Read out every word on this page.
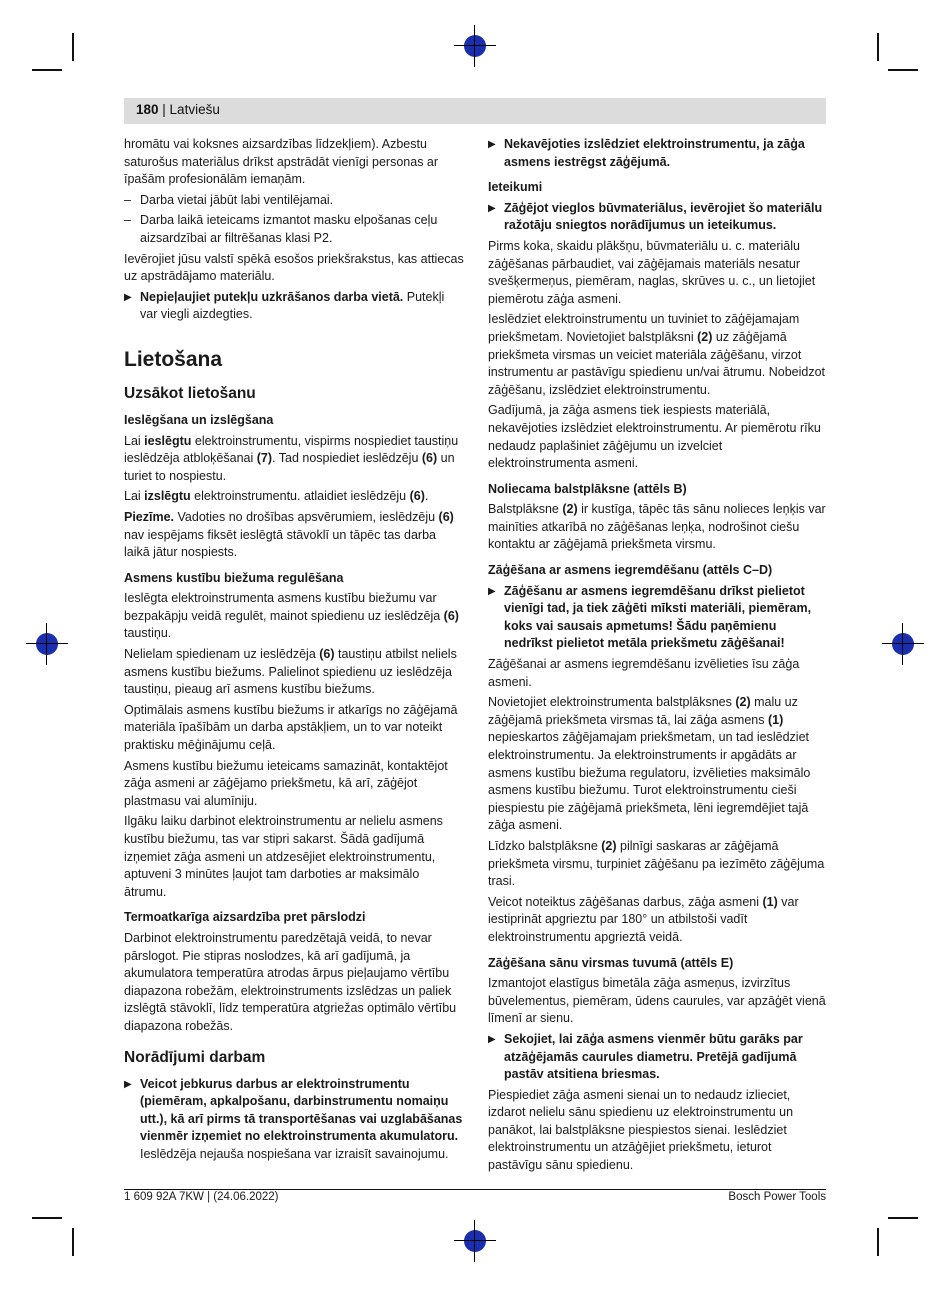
180 | Latviešu

hromātu vai koksnes aizsardzības līdzekļiem). Azbestu saturošus materiālus drīkst apstrādāt vienīgi personas ar īpašām profesionālām iemaņām.

– Darba vietai jābūt labi ventilējamai.
– Darba laikā ieteicams izmantot masku elpošanas ceļu aizsardzībai ar filtrēšanas klasi P2.

Ievērojiet jūsu valstī spēkā esošos priekšrakstus, kas attiecas uz apstrādājamo materiālu.

▶ Nepieļaujiet putekļu uzkrāšanos darba vietā. Putekļi var viegli aizdegties.
Lietošana
Uzsākot lietošanu
Ieslēgšana un izslēgšana

Lai ieslēgtu elektroinstrumentu, vispirms nospiediet taustiņu ieslēdzēja atbloķēšanai (7). Tad nospiediet ieslēdzēju (6) un turiet to nospiestu.

Lai izslēgtu elektroinstrumentu. atlaidiet ieslēdzēju (6).

Piezīme. Vadoties no drošības apsvērumiem, ieslēdzēju (6) nav iespējams fiksēt ieslēgtā stāvoklī un tāpēc tas darba laikā jātur nospiests.

Asmens kustību biežuma regulēšana

Ieslēgta elektroinstrumenta asmens kustību biežumu var bezpakāpju veidā regulēt, mainot spiedienu uz ieslēdzēja (6) taustiņu.

Nelielam spiedienam uz ieslēdzēja (6) taustiņu atbilst neliels asmens kustību biežums. Palielinot spiedienu uz ieslēdzēja taustiņu, pieaug arī asmens kustību biežums.

Optimālais asmens kustību biežums ir atkarīgs no zāģējamā materiāla īpašībām un darba apstākļiem, un to var noteikt praktisku mēģinājumu ceļā.

Asmens kustību biežumu ieteicams samazināt, kontaktējot zāģa asmeni ar zāģējamo priekšmetu, kā arī, zāģējot plastmasu vai alumīniju.

Ilgāku laiku darbinot elektroinstrumentu ar nelielu asmens kustību biežumu, tas var stipri sakarst. Šādā gadījumā izņemiet zāģa asmeni un atdzesējiet elektroinstrumentu, aptuveni 3 minūtes ļaujot tam darboties ar maksimālo ātrumu.

Termoatkarīga aizsardzība pret pārslodzi

Darbinot elektroinstrumentu paredzētajā veidā, to nevar pārslogot. Pie stipras noslodzes, kā arī gadījumā, ja akumulatora temperatūra atrodas ārpus pieļaujamo vērtību diapazona robežām, elektroinstruments izslēdzas un paliek izslēgtā stāvoklī, līdz temperatūra atgriežas optimālo vērtību diapazona robežās.

Norādījumi darbam
▶ Veicot jebkurus darbus ar elektroinstrumentu (piemēram, apkalpošanu, darbinstrumentu nomaiņu utt.), kā arī pirms tā transportēšanas vai uzglabāšanas vienmēr izņemiet no elektroinstrumenta akumulatoru. Ieslēdzēja nejauša nospiešana var izraisīt savainojumu.
▶ Nekavējoties izslēdziet elektroinstrumentu, ja zāģa asmens iestrēgst zāģējumā.
Ieteikumi
▶ Zāģējot vieglos būvmateriālus, ievērojiet šo materiālu ražotāju sniegtos norādījumus un ieteikumus.

Pirms koka, skaidu plākšņu, būvmateriālu u. c. materiālu zāģēšanas pārbaudiet, vai zāģējamais materiāls nesatur svešķermeņus, piemēram, naglas, skrūves u. c., un lietojiet piemērotu zāģa asmeni.

Ieslēdziet elektroinstrumentu un tuviniet to zāģējamajam priekšmetam. Novietojiet balstplāksni (2) uz zāģējamā priekšmeta virsmas un veiciet materiāla zāģēšanu, virzot instrumentu ar pastāvīgu spiedienu un/vai ātrumu. Nobeidzot zāģēšanu, izslēdziet elektroinstrumentu.

Gadījumā, ja zāģa asmens tiek iespiests materiālā, nekavējoties izslēdziet elektroinstrumentu. Ar piemērotu rīku nedaudz paplašiniet zāģējumu un izvelciet elektroinstrumenta asmeni.

Noliecama balstplāksne (attēls B)

Balstplāksne (2) ir kustīga, tāpēc tās sānu nolieces leņķis var mainīties atkarībā no zāģēšanas leņķa, nodrošinot ciešu kontaktu ar zāģējamā priekšmeta virsmu.

Zāģēšana ar asmens iegremdēšanu (attēls C–D)
▶ Zāģēšanu ar asmens iegremdēšanu drīkst pielietot vienīgi tad, ja tiek zāģēti mīksti materiāli, piemēram, koks vai sausais apmetums! Šādu paņēmienu nedrīkst pielietot metāla priekšmetu zāģēšanai!

Zāģēšanai ar asmens iegremdēšanu izvēlieties īsu zāģa asmeni.

Novietojiet elektroinstrumenta balstplāksnes (2) malu uz zāģējamā priekšmeta virsmas tā, lai zāģa asmens (1) nepieskartos zāģējamajam priekšmetam, un tad ieslēdziet elektroinstrumentu. Ja elektroinstruments ir apgādāts ar asmens kustību biežuma regulatoru, izvēlieties maksimālo asmens kustību biežumu. Turot elektroinstrumentu cieši piespiestu pie zāģējamā priekšmeta, lēni iegremdējiet tajā zāģa asmeni.

Līdzko balstplāksne (2) pilnīgi saskaras ar zāģējamā priekšmeta virsmu, turpiniet zāģēšanu pa iezīmēto zāģējuma trasi.

Veicot noteiktus zāģēšanas darbus, zāģa asmeni (1) var iestiprināt apgrieztu par 180° un atbilstoši vadīt elektroinstrumentu apgrieztā veidā.

Zāģēšana sānu virsmas tuvumā (attēls E)

Izmantojot elastīgus bimetāla zāģa asmeņus, izvirzītus būvelementus, piemēram, ūdens caurules, var apzāģēt vienā līmenī ar sienu.

▶ Sekojiet, lai zāģa asmens vienmēr būtu garāks par atzāģējamās caurules diametru. Pretējā gadījumā pastāv atsitiena briesmas.

Piespiediet zāģa asmeni sienai un to nedaudz izlieciet, izdarot nelielu sānu spiedienu uz elektroinstrumentu un panākot, lai balstplāksne piespiestos sienai. Ieslēdziet elektroinstrumentu un atzāģējiet priekšmetu, ieturot pastāvīgu sānu spiedienu.

1 609 92A 7KW | (24.06.2022)	Bosch Power Tools
